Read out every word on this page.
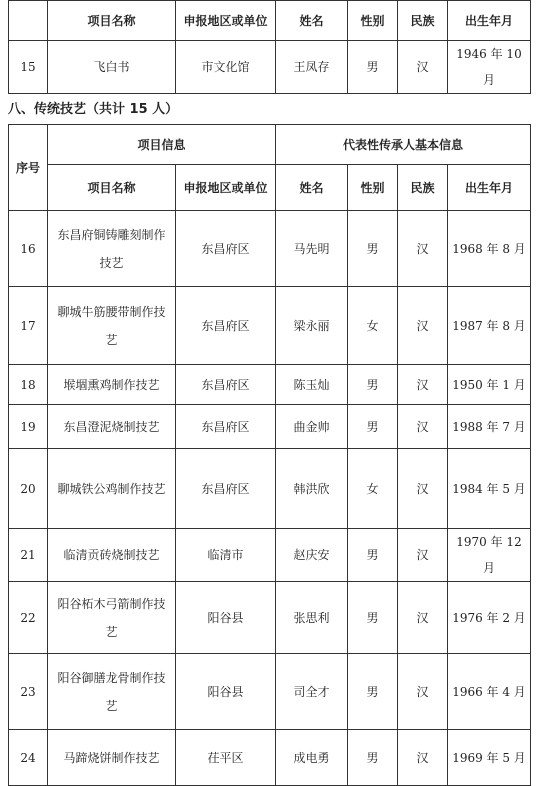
	项目名称	申报地区或单位	姓名	性别	民族	出生年月
15	飞白书	市文化馆	王凤存	男	汉	1946 年 10 月
八、传统技艺（共计 15 人）
序号	项目信息		代表性传承人基本信息			
	项目名称	申报地区或单位	姓名	性别	民族	出生年月
16	东昌府铜铸雕刻制作技艺	东昌府区	马先明	男	汉	1968 年 8 月
17	聊城牛筋腰带制作技艺	东昌府区	梁永丽	女	汉	1987 年 8 月
18	堠堌熏鸡制作技艺	东昌府区	陈玉灿	男	汉	1950 年 1 月
19	东昌澄泥烧制技艺	东昌府区	曲金帅	男	汉	1988 年 7 月
20	聊城铁公鸡制作技艺	东昌府区	韩洪欣	女	汉	1984 年 5 月
21	临清贡砖烧制技艺	临清市	赵庆安	男	汉	1970 年 12 月
22	阳谷柘木弓箭制作技艺	阳谷县	张思利	男	汉	1976 年 2 月
23	阳谷御膳龙骨制作技艺	阳谷县	司全才	男	汉	1966 年 4 月
24	马蹄烧饼制作技艺	茌平区	成电勇	男	汉	1969 年 5 月
